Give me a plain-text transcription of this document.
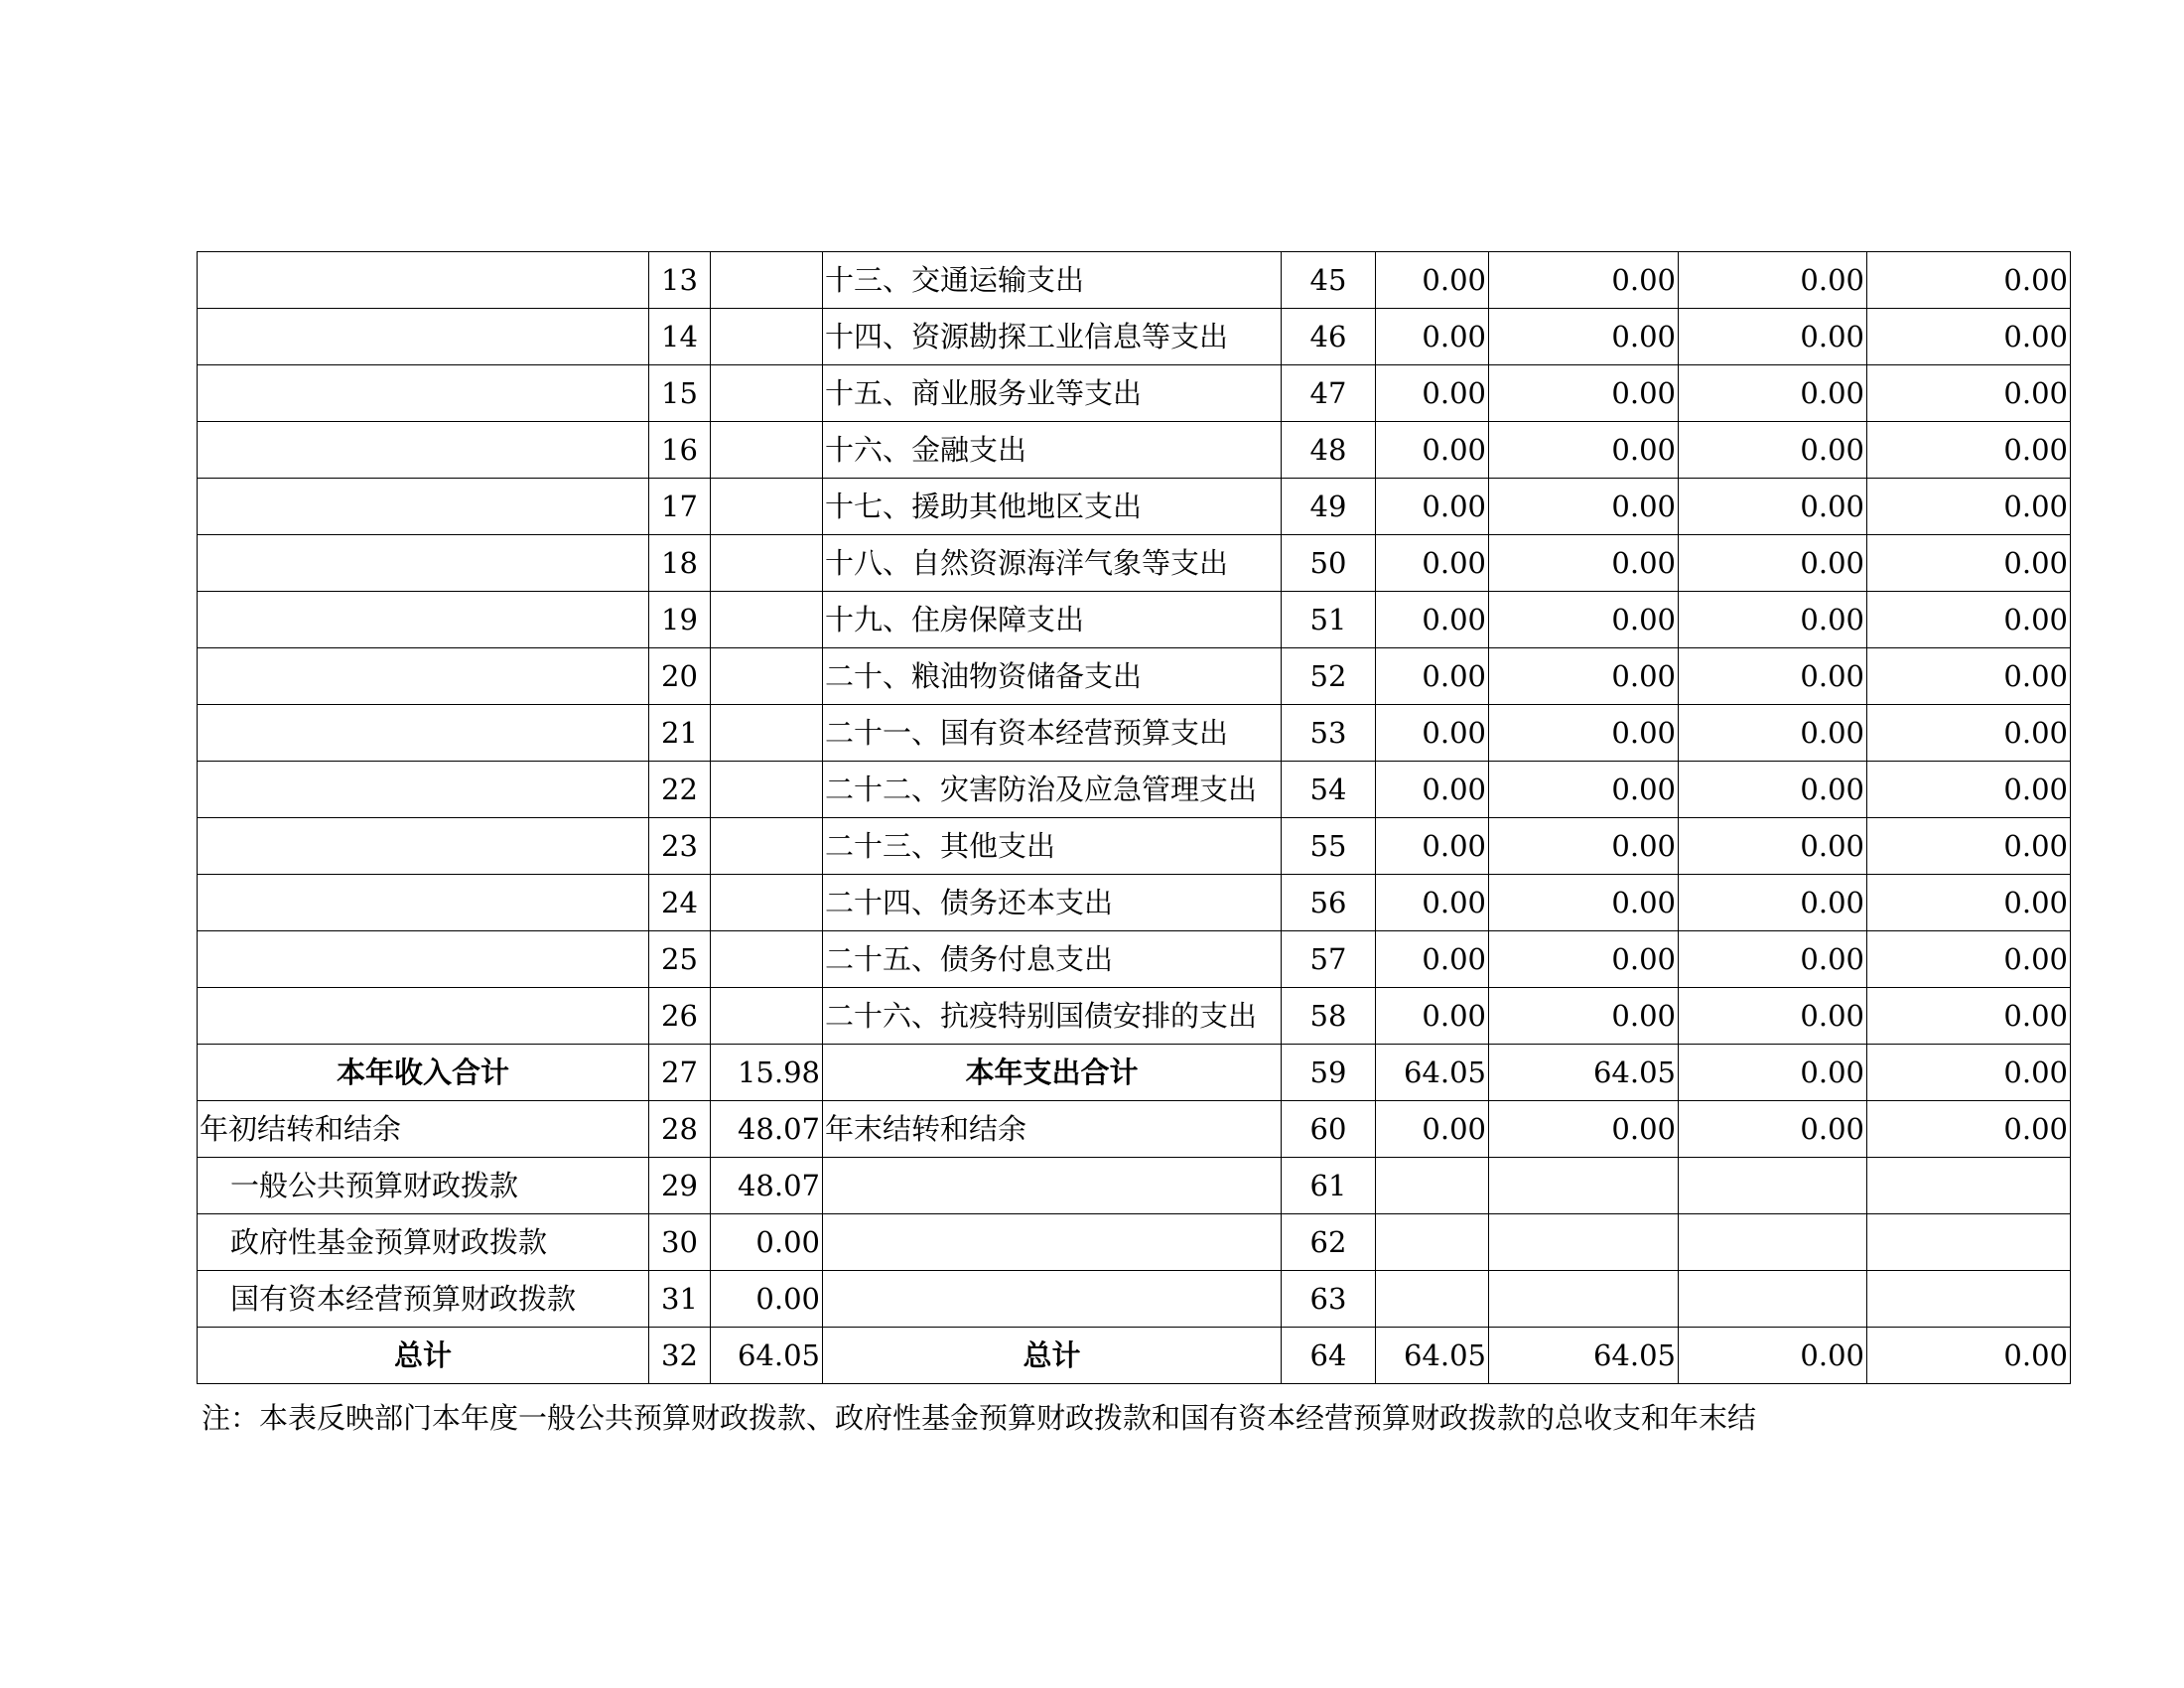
	13		十三、交通运输支出	45	0.00	0.00	0.00	0.00
	14		十四、资源勘探工业信息等支出	46	0.00	0.00	0.00	0.00
	15		十五、商业服务业等支出	47	0.00	0.00	0.00	0.00
	16		十六、金融支出	48	0.00	0.00	0.00	0.00
	17		十七、援助其他地区支出	49	0.00	0.00	0.00	0.00
	18		十八、自然资源海洋气象等支出	50	0.00	0.00	0.00	0.00
	19		十九、住房保障支出	51	0.00	0.00	0.00	0.00
	20		二十、粮油物资储备支出	52	0.00	0.00	0.00	0.00
	21		二十一、国有资本经营预算支出	53	0.00	0.00	0.00	0.00
	22		二十二、灾害防治及应急管理支出	54	0.00	0.00	0.00	0.00
	23		二十三、其他支出	55	0.00	0.00	0.00	0.00
	24		二十四、债务还本支出	56	0.00	0.00	0.00	0.00
	25		二十五、债务付息支出	57	0.00	0.00	0.00	0.00
	26		二十六、抗疫特别国债安排的支出	58	0.00	0.00	0.00	0.00
本年收入合计	27	15.98	本年支出合计	59	64.05	64.05	0.00	0.00
年初结转和结余	28	48.07	年末结转和结余	60	0.00	0.00	0.00	0.00
一般公共预算财政拨款	29	48.07		61				
政府性基金预算财政拨款	30	0.00		62				
国有资本经营预算财政拨款	31	0.00		63				
总计	32	64.05	总计	64	64.05	64.05	0.00	0.00
注：本表反映部门本年度一般公共预算财政拨款、政府性基金预算财政拨款和国有资本经营预算财政拨款的总收支和年末结
